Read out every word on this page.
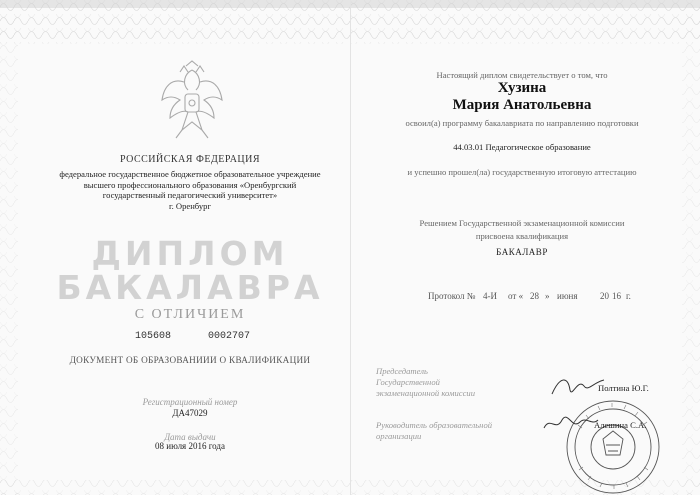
РОССИЙСКАЯ ФЕДЕРАЦИЯ
федеральное государственное бюджетное образовательное учреждение
высшего профессионального образования «Оренбургский
государственный педагогический университет»
г. Оренбург
ДИПЛОМ
БАКАЛАВРА
С ОТЛИЧИЕМ
105608	0002707
ДОКУМЕНТ ОБ ОБРАЗОВАНИИИ О КВАЛИФИКАЦИИ
Регистрационный номер
ДА47029
Дата выдачи
08 июля 2016 года
Настоящий диплом свидетельствует о том, что
Хузина
Мария Анатольевна
освоил(а) программу бакалавриата по направлению подготовки
44.03.01 Педагогическое образование
и успешно прошел(ла) государственную итоговую аттестацию
Решением Государственной экзаменационной комиссии
присвоена квалификация
БАКАЛАВР
Протокол № 4-И от « 28 » июня	20 16 г.
Председатель
Государственной
экзаменационной комиссии
Руководитель образовательной
организации
Полтина Ю.Г.
Алешина С.А.
